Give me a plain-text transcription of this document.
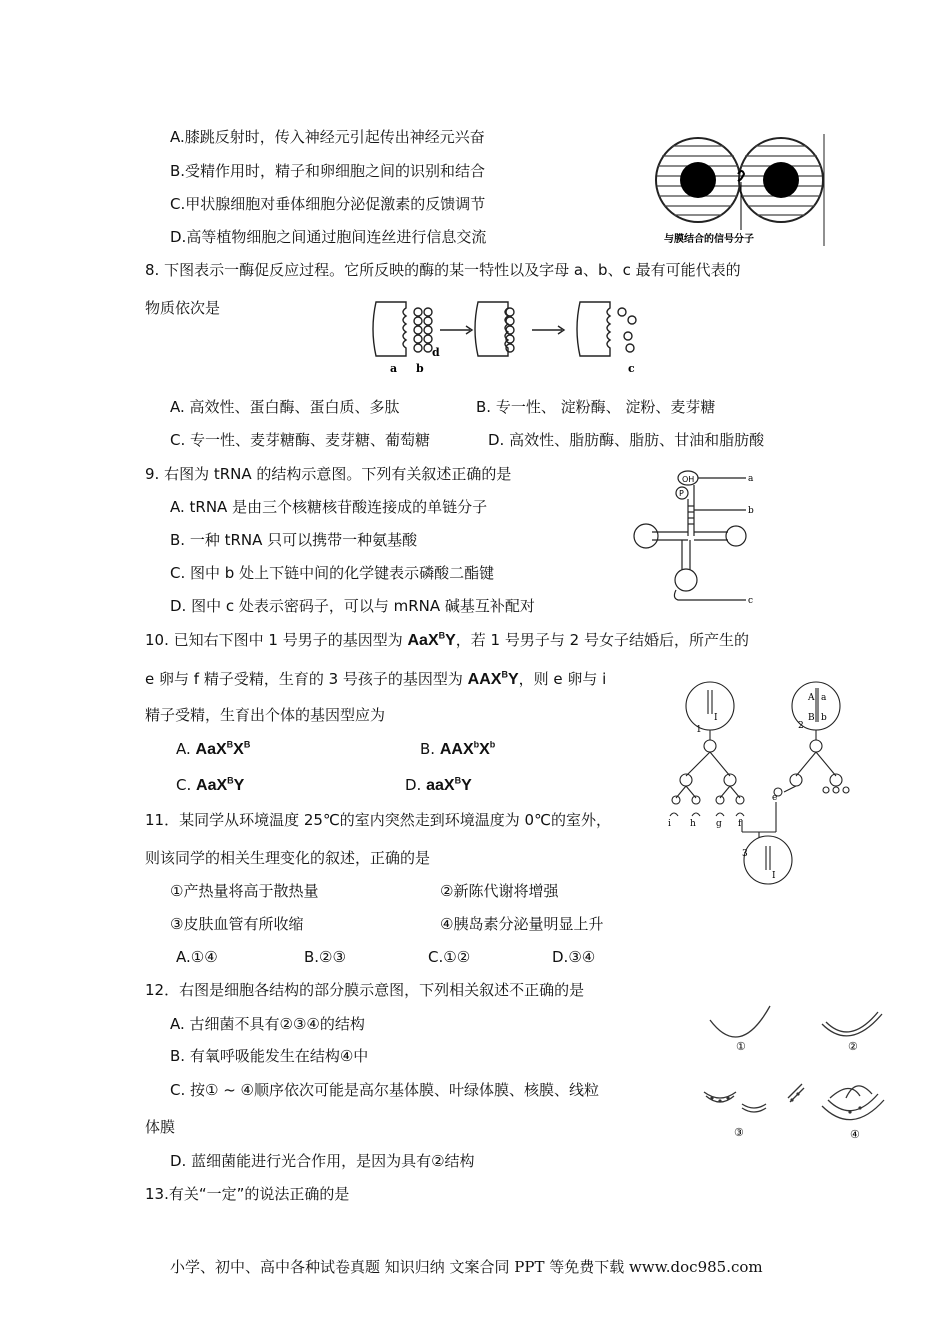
A.膝跳反射时，传入神经元引起传出神经元兴奋
B.受精作用时，精子和卵细胞之间的识别和结合
C.甲状腺细胞对垂体细胞分泌促激素的反馈调节
D.高等植物细胞之间通过胞间连丝进行信息交流	与膜结合的信号分子
8. 下图表示一酶促反应过程。它所反映的酶的某一特性以及字母 a、b、c 最有可能代表的
物质依次是
a b
d
c
A. 高效性、蛋白酶、蛋白质、多肽	B. 专一性、 淀粉酶、 淀粉、麦芽糖
C. 专一性、麦芽糖酶、麦芽糖、葡萄糖	D. 高效性、脂肪酶、脂肪、甘油和脂肪酸
9. 右图为 tRNA 的结构示意图。下列有关叙述正确的是
A. tRNA 是由三个核糖核苷酸连接成的单链分子
B. 一种 tRNA 只可以携带一种氨基酸
C. 图中 b 处上下链中间的化学键表示磷酸二酯键
D. 图中 c 处表示密码子，可以与 mRNA 碱基互补配对
OH
P
a
b
c
10. 已知右下图中 1 号男子的基因型为 AaX$^B$Y，若 1 号男子与 2 号女子结婚后，所产生的
e 卵与 f 精子受精，生育的 3 号孩子的基因型为 $AAX^BY$，则 e 卵与 i
精子受精，生育出个体的基因型应为
A. $AaX^BX^B$	B. $AAX^bX^b$
C. AaX$^B$Y	D. aaX$^B$Y
1	2
3
I
I
A a
B b
i h g f
e
11．某同学从环境温度 25℃的室内突然走到环境温度为 0℃的室外，
则该同学的相关生理变化的叙述，正确的是
①产热量将高于散热量	②新陈代谢将增强
③皮肤血管有所收缩	④胰岛素分泌量明显上升
A.①④	B.②③	C.①②	D.③④
12．右图是细胞各结构的部分膜示意图，下列相关叙述不正确的是
A. 古细菌不具有②③④的结构
B. 有氧呼吸能发生在结构④中
C. 按① ~ ④顺序依次可能是高尔基体膜、叶绿体膜、核膜、线粒
体膜
D. 蓝细菌能进行光合作用，是因为具有②结构
①	②
③	④
13.有关“一定”的说法正确的是
小学、初中、高中各种试卷真题 知识归纳 文案合同 PPT 等免费下载 www.doc985.com
